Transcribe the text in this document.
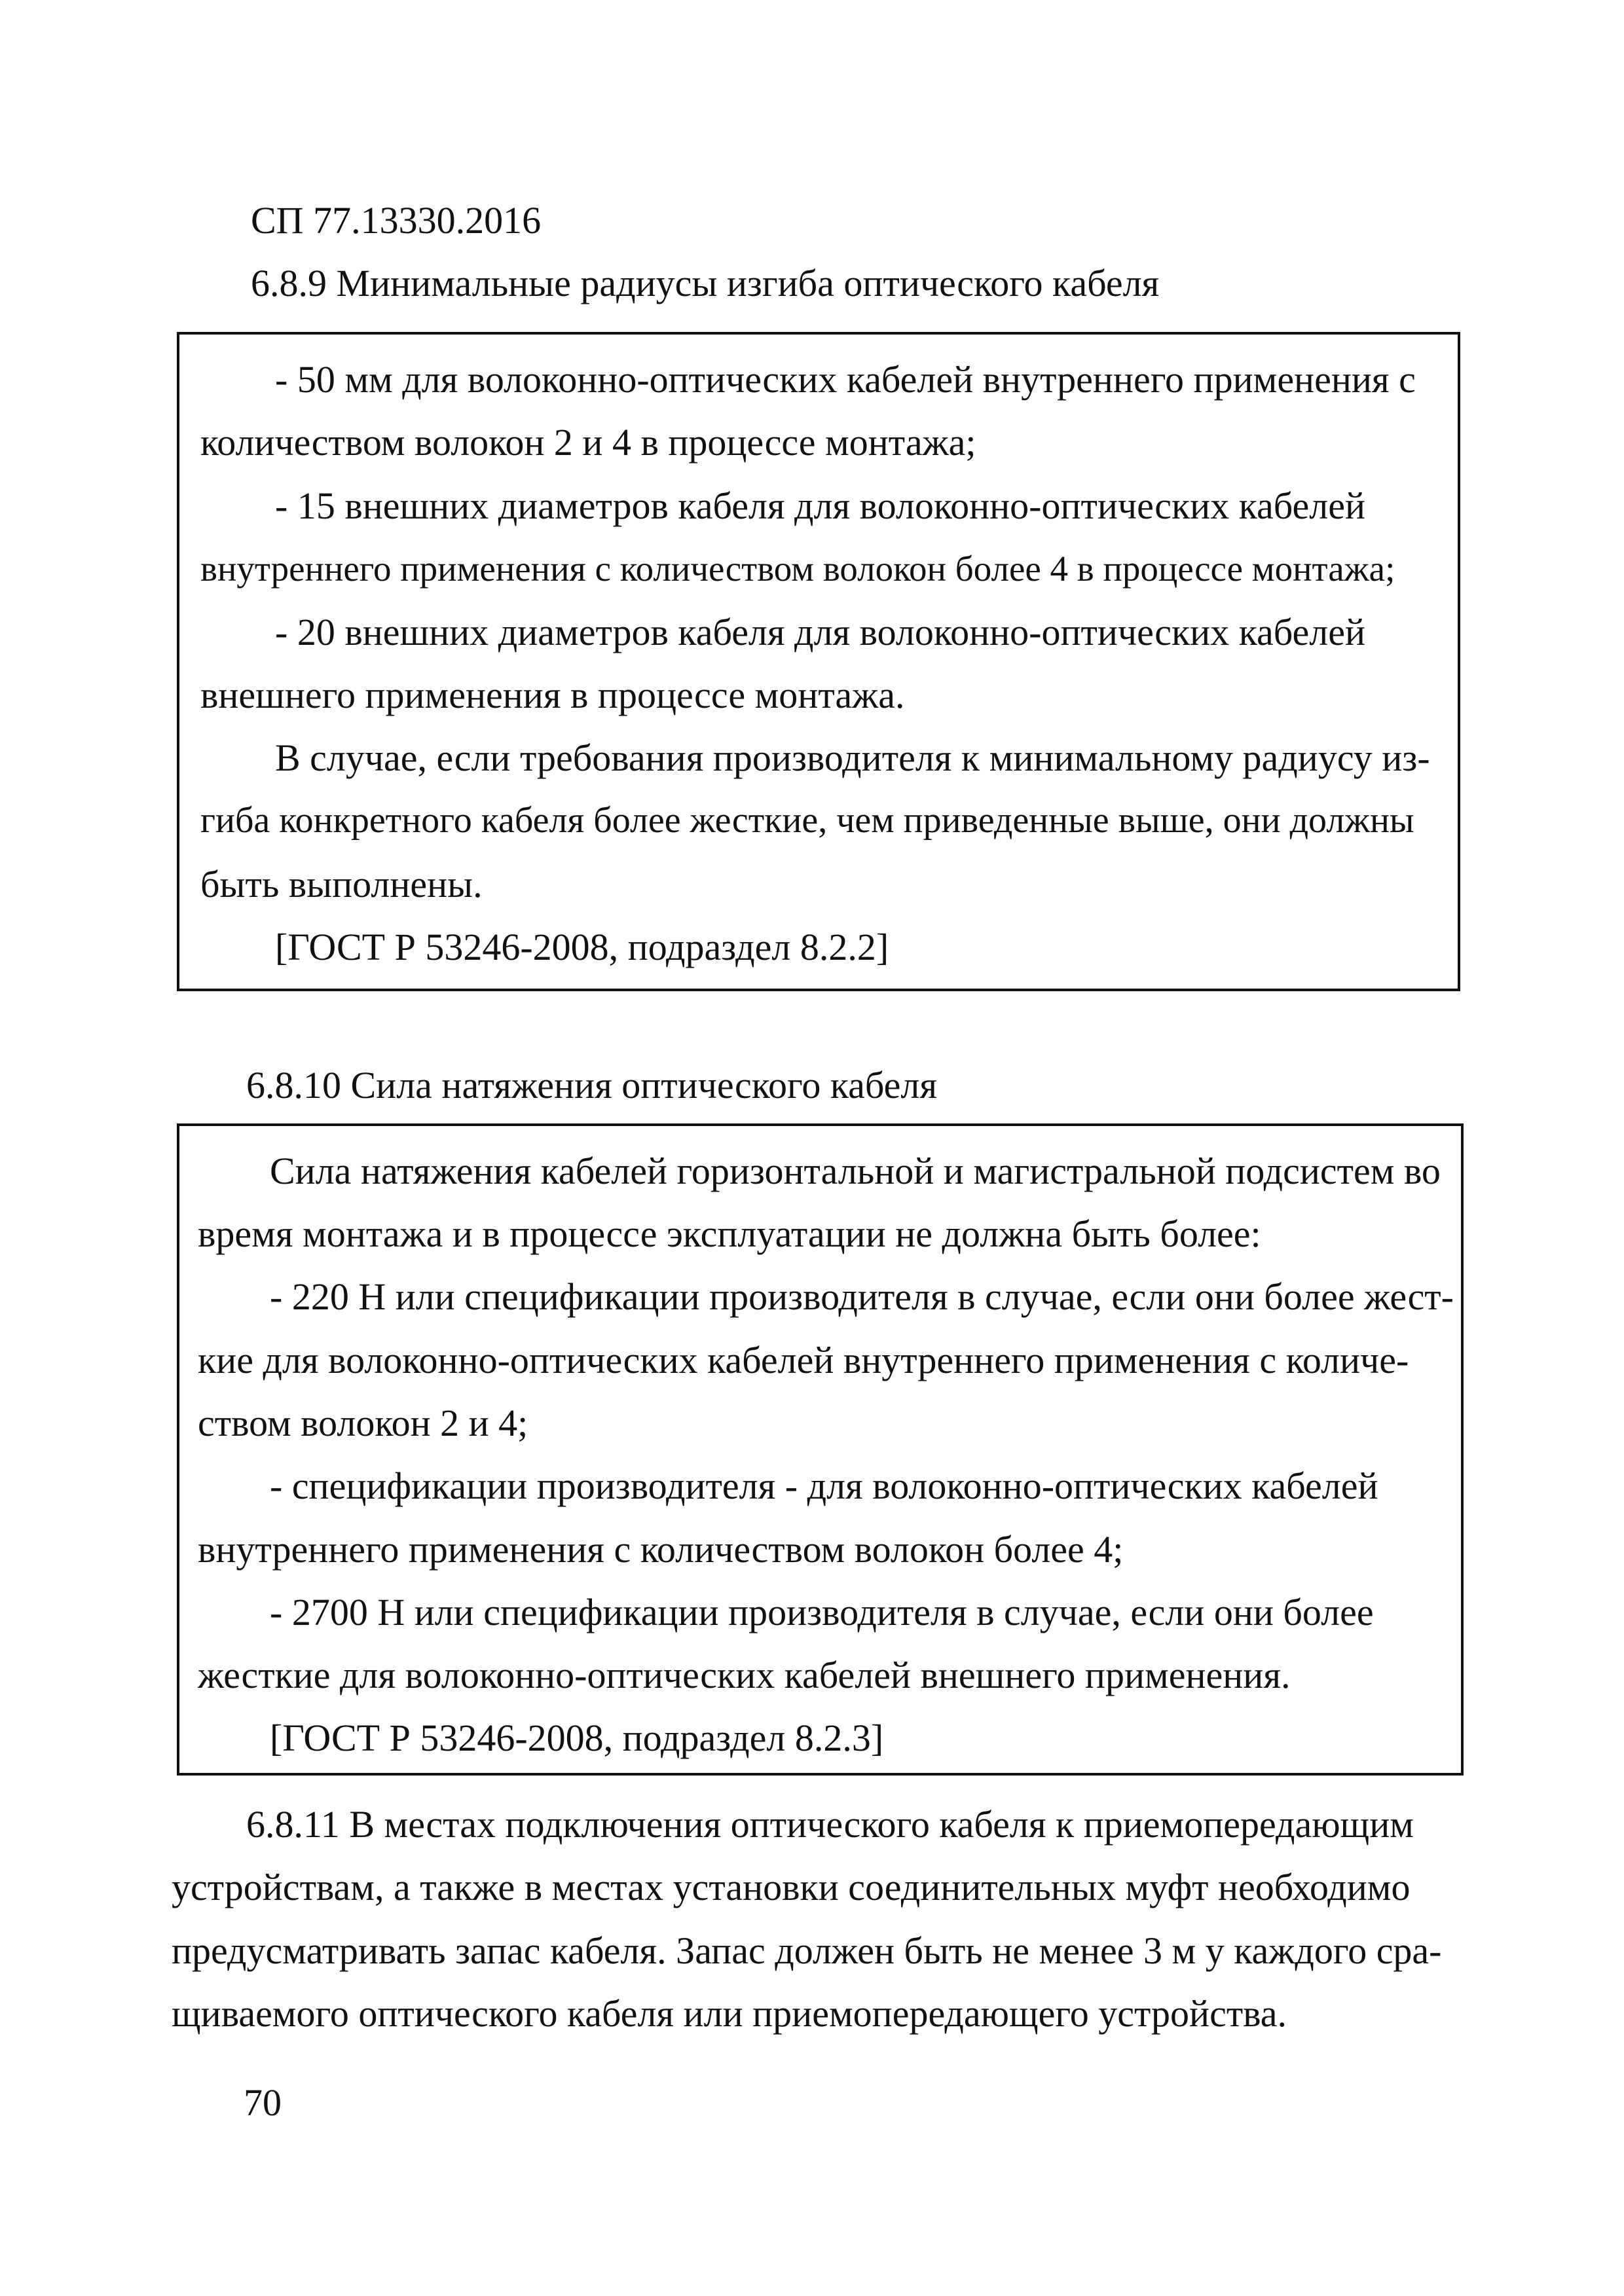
СП 77.13330.2016
6.8.9 Минимальные радиусы изгиба оптического кабеля
- 50 мм для волоконно-оптических кабелей внутреннего применения с
количеством волокон 2 и 4 в процессе монтажа;
- 15 внешних диаметров кабеля для волоконно-оптических кабелей
внутреннего применения с количеством волокон более 4 в процессе монтажа;
- 20 внешних диаметров кабеля для волоконно-оптических кабелей
внешнего применения в процессе монтажа.
В случае, если требования производителя к минимальному радиусу из-
гиба конкретного кабеля более жесткие, чем приведенные выше, они должны
быть выполнены.
[ГОСТ Р 53246-2008, подраздел 8.2.2]
6.8.10 Сила натяжения оптического кабеля
Сила натяжения кабелей горизонтальной и магистральной подсистем во
время монтажа и в процессе эксплуатации не должна быть более:
- 220 Н или спецификации производителя в случае, если они более жест-
кие для волоконно-оптических кабелей внутреннего применения с количе-
ством волокон 2 и 4;
- спецификации производителя - для волоконно-оптических кабелей
внутреннего применения с количеством волокон более 4;
- 2700 Н или спецификации производителя в случае, если они более
жесткие для волоконно-оптических кабелей внешнего применения.
[ГОСТ Р 53246-2008, подраздел 8.2.3]
6.8.11 В местах подключения оптического кабеля к приемопередающим
устройствам, а также в местах установки соединительных муфт необходимо
предусматривать запас кабеля. Запас должен быть не менее 3 м у каждого сра-
щиваемого оптического кабеля или приемопередающего устройства.
70
